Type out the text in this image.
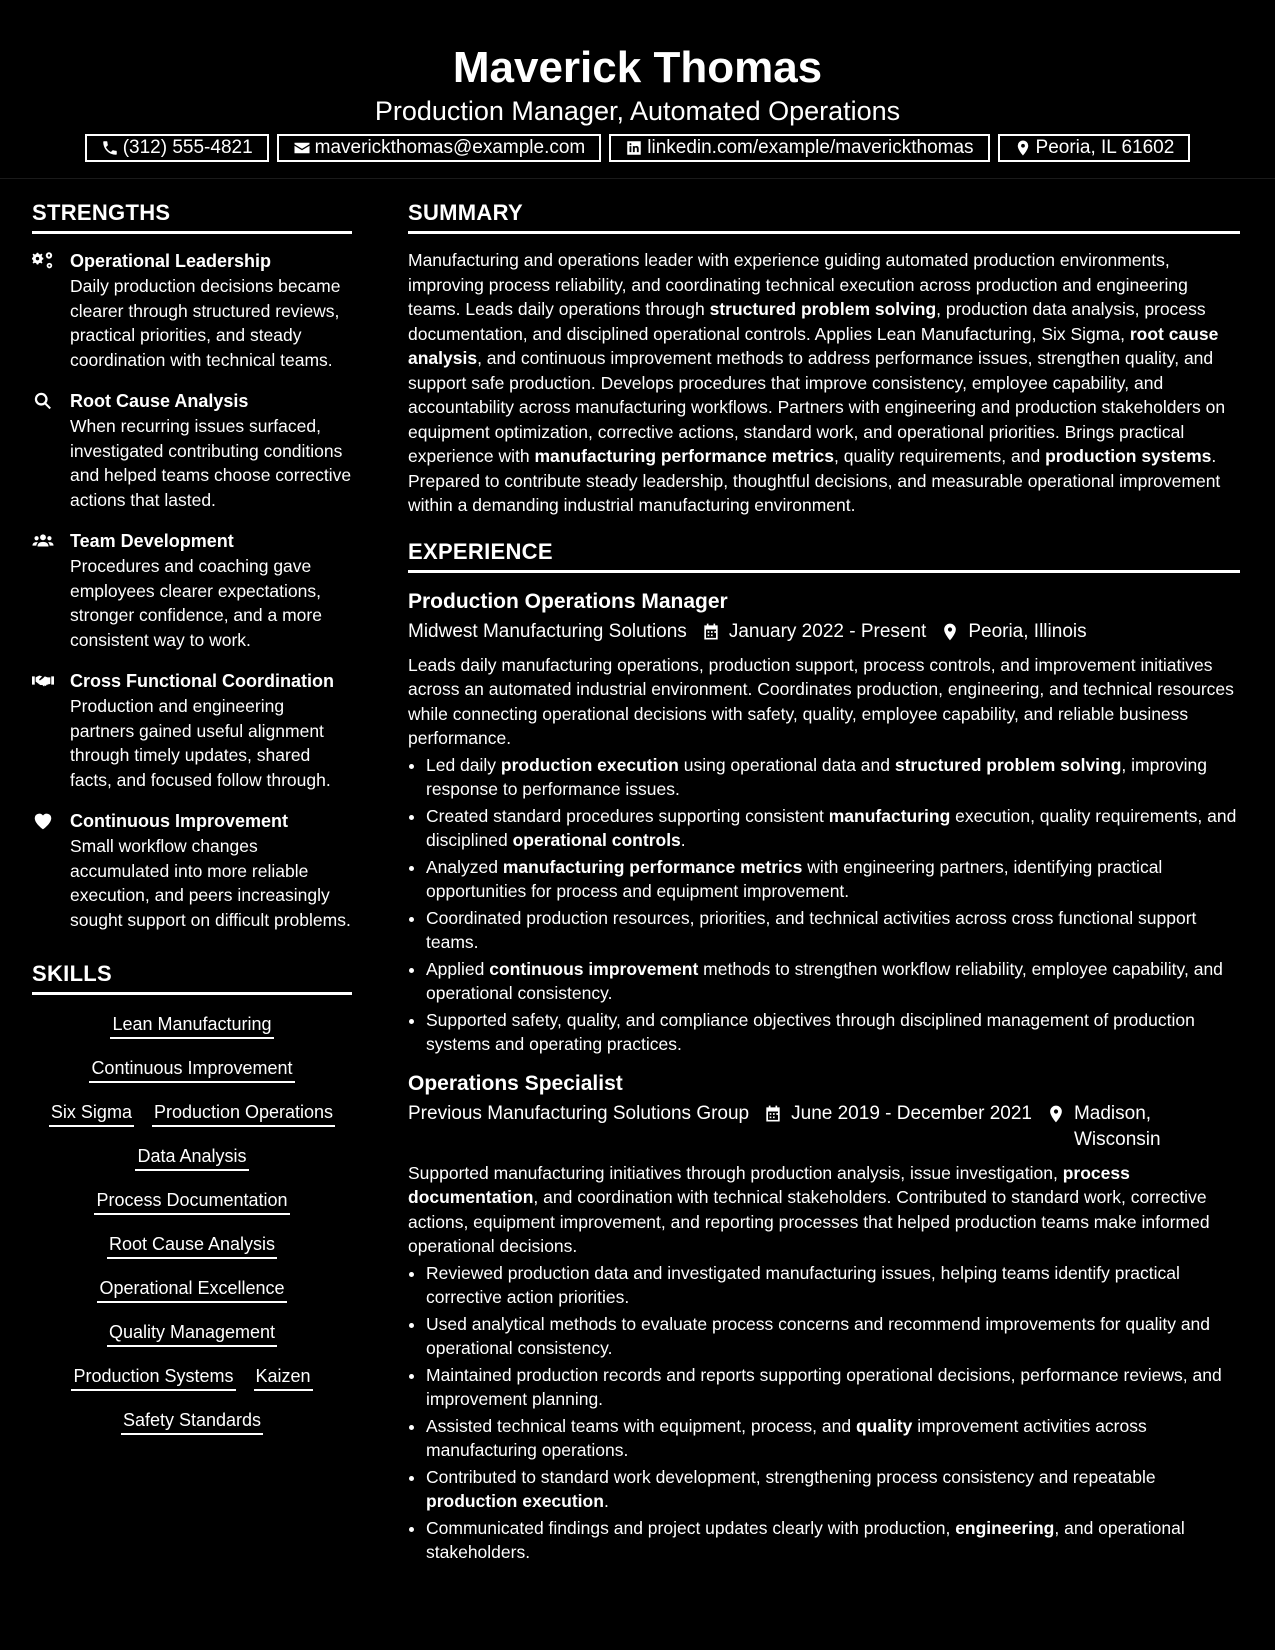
Maverick Thomas
Production Manager, Automated Operations
(312) 555-4821	maverickthomas@example.com	linkedin.com/example/maverickthomas	Peoria, IL 61602
STRENGTHS
Operational Leadership

Daily production decisions became clearer through structured reviews, practical priorities, and steady coordination with technical teams.

Root Cause Analysis

When recurring issues surfaced, investigated contributing conditions and helped teams choose corrective actions that lasted.

Team Development

Procedures and coaching gave employees clearer expectations, stronger confidence, and a more consistent way to work.

Cross Functional Coordination

Production and engineering partners gained useful alignment through timely updates, shared facts, and focused follow through.

Continuous Improvement

Small workflow changes accumulated into more reliable execution, and peers increasingly sought support on difficult problems.

SKILLS
Lean Manufacturing
Continuous Improvement
Six Sigma Production Operations
Data Analysis
Process Documentation
Root Cause Analysis
Operational Excellence
Quality Management
Production Systems Kaizen
Safety Standards
SUMMARY

Manufacturing and operations leader with experience guiding automated production environments, improving process reliability, and coordinating technical execution across production and engineering teams. Leads daily operations through structured problem solving, production data analysis, process documentation, and disciplined operational controls. Applies Lean Manufacturing, Six Sigma, root cause analysis, and continuous improvement methods to address performance issues, strengthen quality, and support safe production. Develops procedures that improve consistency, employee capability, and accountability across manufacturing workflows. Partners with engineering and production stakeholders on equipment optimization, corrective actions, standard work, and operational priorities. Brings practical experience with manufacturing performance metrics, quality requirements, and production systems. Prepared to contribute steady leadership, thoughtful decisions, and measurable operational improvement within a demanding industrial manufacturing environment.

EXPERIENCE
Production Operations Manager
Midwest Manufacturing Solutions January 2022 - Present Peoria, Illinois

Leads daily manufacturing operations, production support, process controls, and improvement initiatives across an automated industrial environment. Coordinates production, engineering, and technical resources while connecting operational decisions with safety, quality, employee capability, and reliable business performance.

• Led daily production execution using operational data and structured problem solving, improving response to performance issues.
• Created standard procedures supporting consistent manufacturing execution, quality requirements, and disciplined operational controls.
• Analyzed manufacturing performance metrics with engineering partners, identifying practical opportunities for process and equipment improvement.
• Coordinated production resources, priorities, and technical activities across cross functional support teams.
• Applied continuous improvement methods to strengthen workflow reliability, employee capability, and operational consistency.
• Supported safety, quality, and compliance objectives through disciplined management of production systems and operating practices.
Operations Specialist
Previous Manufacturing Solutions Group June 2019 - December 2021 Madison, Wisconsin

Supported manufacturing initiatives through production analysis, issue investigation, process documentation, and coordination with technical stakeholders. Contributed to standard work, corrective actions, equipment improvement, and reporting processes that helped production teams make informed operational decisions.

• Reviewed production data and investigated manufacturing issues, helping teams identify practical corrective action priorities.
• Used analytical methods to evaluate process concerns and recommend improvements for quality and operational consistency.
• Maintained production records and reports supporting operational decisions, performance reviews, and improvement planning.
• Assisted technical teams with equipment, process, and quality improvement activities across manufacturing operations.
• Contributed to standard work development, strengthening process consistency and repeatable production execution.
• Communicated findings and project updates clearly with production, engineering, and operational stakeholders.
